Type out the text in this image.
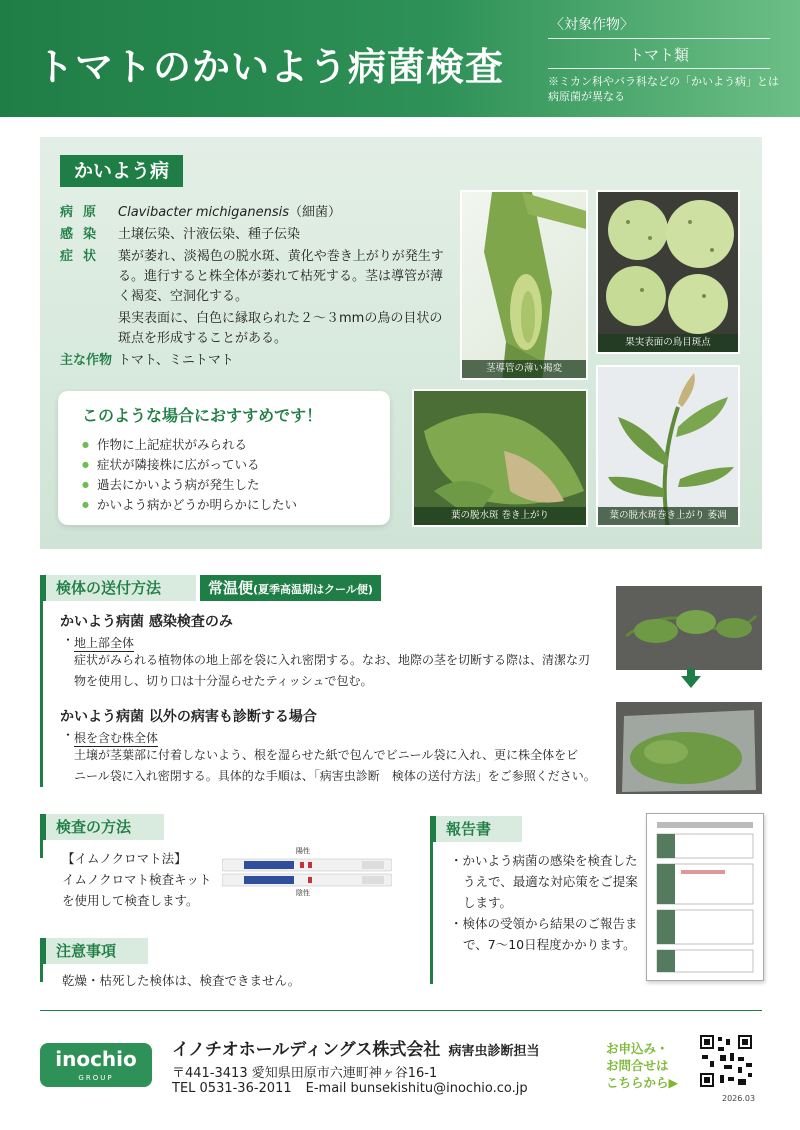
トマトのかいよう病菌検査
〈対象作物〉
トマト類
※ミカン科やバラ科などの「かいよう病」とは病原菌が異なる
かいよう病
病原 Clavibacter michiganensis（細菌）
感染 土壌伝染、汁液伝染、種子伝染
症状 葉が萎れ、淡褐色の脱水斑、黄化や巻き上がりが発生する。進行すると株全体が萎れて枯死する。茎は導管が薄く褐変、空洞化する。
果実表面に、白色に縁取られた２～３mmの鳥の目状の斑点を形成することがある。
主な作物 トマト、ミニトマト
茎導管の薄い褐変
果実表面の鳥目斑点
葉の脱水斑 巻き上がり	葉の脱水斑巻き上がり 萎凋
このような場合におすすめです！
● 作物に上記症状がみられる
● 症状が隣接株に広がっている
● 過去にかいよう病が発生した
● かいよう病かどうか明らかにしたい
検体の送付方法	常温便(夏季高温期はクール便)
かいよう病菌 感染検査のみ
・ 地上部全体
症状がみられる植物体の地上部を袋に入れ密閉する。なお、地際の茎を切断する際は、清潔な刃
物を使用し、切り口は十分湿らせたティッシュで包む。
かいよう病菌 以外の病害も診断する場合
・ 根を含む株全体
土壌が茎葉部に付着しないよう、根を湿らせた紙で包んでビニール袋に入れ、更に株全体をビ
ニール袋に入れ密閉する。具体的な手順は、「病害虫診断　検体の送付方法」をご参照ください。
検査の方法
【イムノクロマト法】
イムノクロマト検査キット
を使用して検査します。
陽性
陰性
注意事項
乾燥・枯死した検体は、検査できません。
報告書
・かいよう病菌の感染を検査した
うえで、最適な対応策をご提案
します。
・検体の受領から結果のご報告ま
で、7〜10日程度かかります。
inochio
GROUP
イノチオホールディングス株式会社 病害虫診断担当
〒441-3413 愛知県田原市六連町神ヶ谷16-1
TEL 0531-36-2011 E-mail bunsekishitu@inochio.co.jp
お申込み・
お問合せは
こちらから▶
2026.03
